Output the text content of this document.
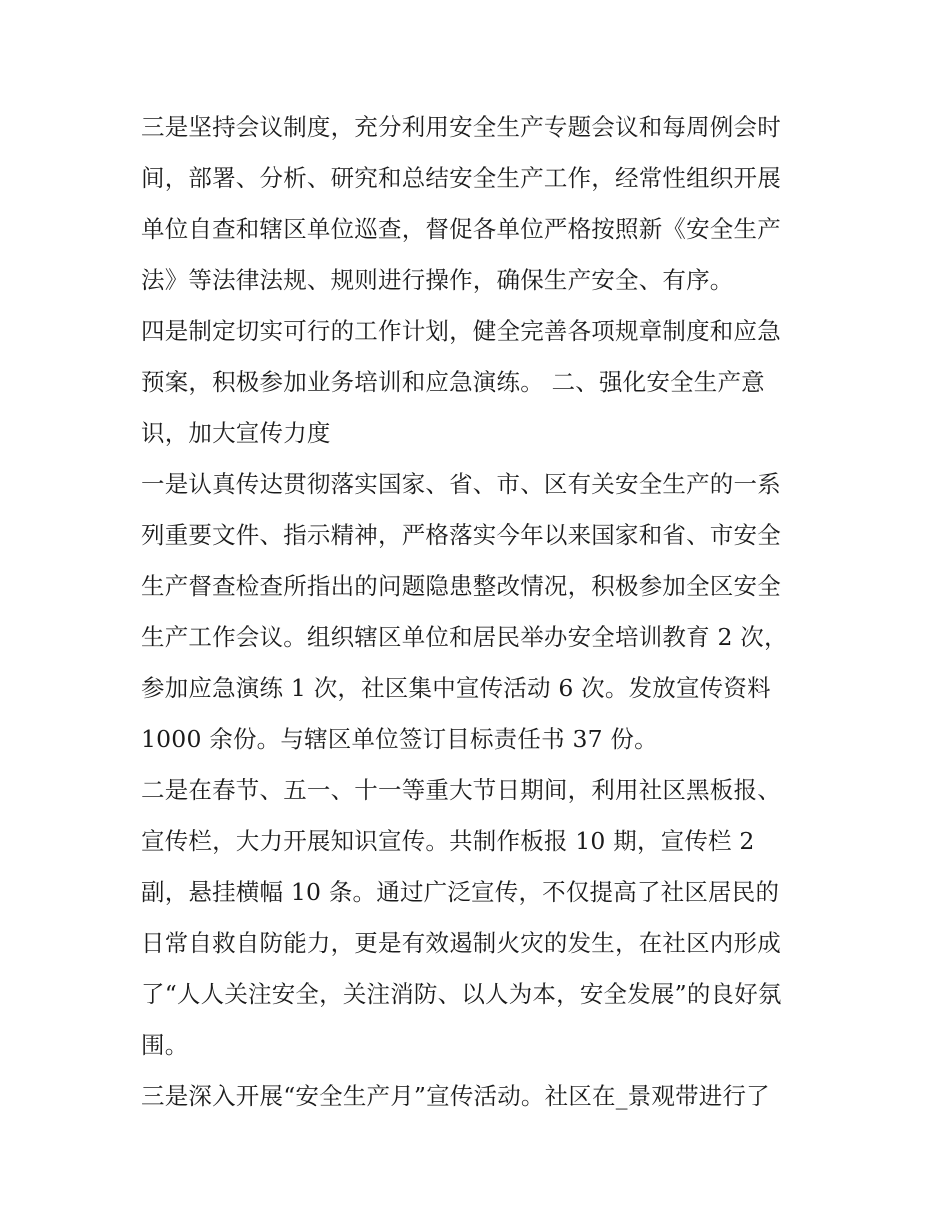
三是坚持会议制度，充分利用安全生产专题会议和每周例会时
间，部署、分析、研究和总结安全生产工作，经常性组织开展
单位自查和辖区单位巡查，督促各单位严格按照新《安全生产
法》等法律法规、规则进行操作，确保生产安全、有序。
四是制定切实可行的工作计划，健全完善各项规章制度和应急
预案，积极参加业务培训和应急演练。 二、强化安全生产意
识，加大宣传力度
一是认真传达贯彻落实国家、省、市、区有关安全生产的一系
列重要文件、指示精神，严格落实今年以来国家和省、市安全
生产督查检查所指出的问题隐患整改情况，积极参加全区安全
生产工作会议。组织辖区单位和居民举办安全培训教育 2 次，
参加应急演练 1 次，社区集中宣传活动 6 次。发放宣传资料
1000 余份。与辖区单位签订目标责任书 37 份。
二是在春节、五一、十一等重大节日期间，利用社区黑板报、
宣传栏，大力开展知识宣传。共制作板报 10 期，宣传栏 2
副，悬挂横幅 10 条。通过广泛宣传，不仅提高了社区居民的
日常自救自防能力，更是有效遏制火灾的发生，在社区内形成
了“人人关注安全，关注消防、以人为本，安全发展”的良好氛
围。
三是深入开展“安全生产月”宣传活动。社区在_景观带进行了
